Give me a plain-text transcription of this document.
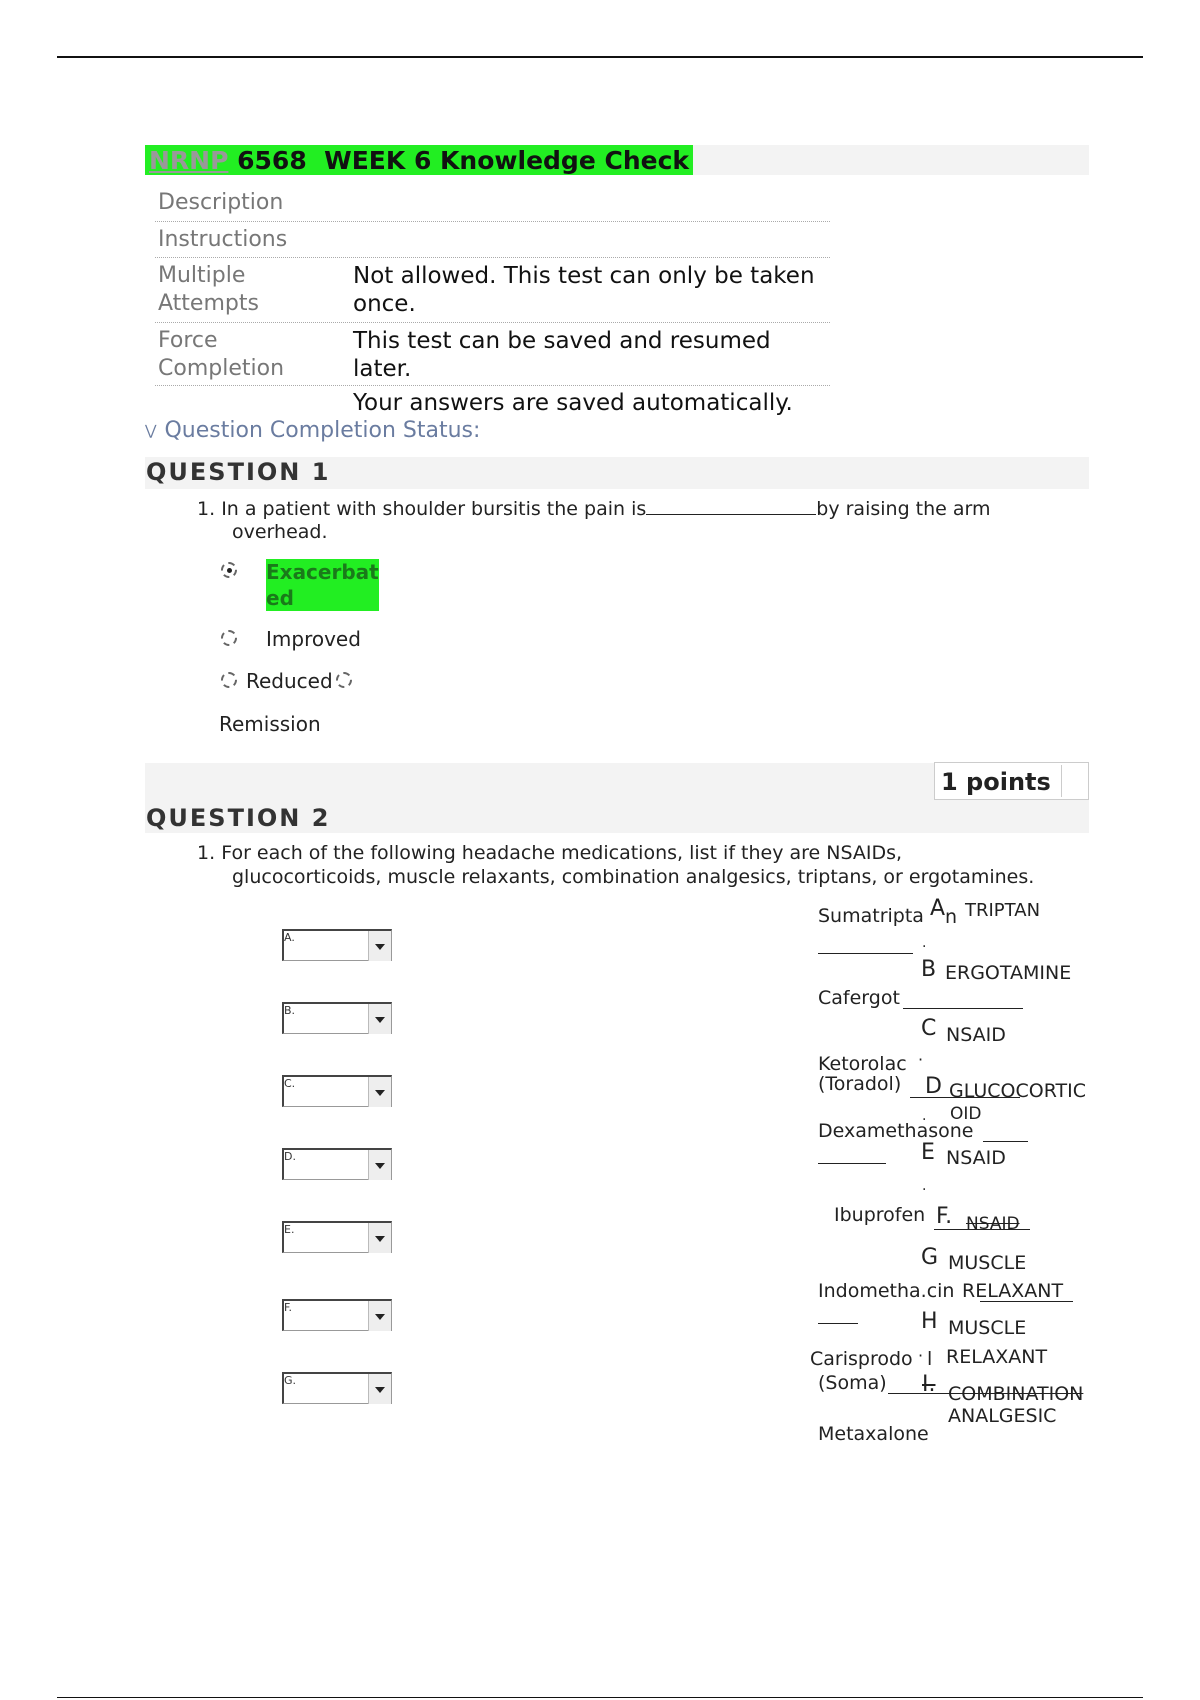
NRNP
6568
WEEK 6 Knowledge Check
Description
Instructions
Multiple Attempts
Not allowed. This test can only be taken once.
Force Completion
This test can be saved and resumed later.
Your answers are saved automatically.
⋁ Question Completion Status:
QUESTION 1
1. In a patient with shoulder bursitis the pain is	by raising the arm
overhead.
Exacerbated
Improved
Reduced
Remission
QUESTION 2
1 points
1. For each of the following headache medications, list if they are NSAIDs,
glucocorticoids, muscle relaxants, combination analgesics, triptans, or ergotamines.
A.
B.
C.
D.
E.
F.
G.
Sumatripta A n TRIPTAN
.
B ERGOTAMINE
Cafergot
C NSAID
Ketorolac ·
(Toradol) D GLUCOCORTIC
OID
.
Dexamethasone
E NSAID
.
Ibuprofen F. NSAID
G MUSCLE
Indometha.cin RELAXANT
H MUSCLE
Carisprodo · l RELAXANT
(Soma) I. COMBINATION
ANALGESIC
Metaxalone
